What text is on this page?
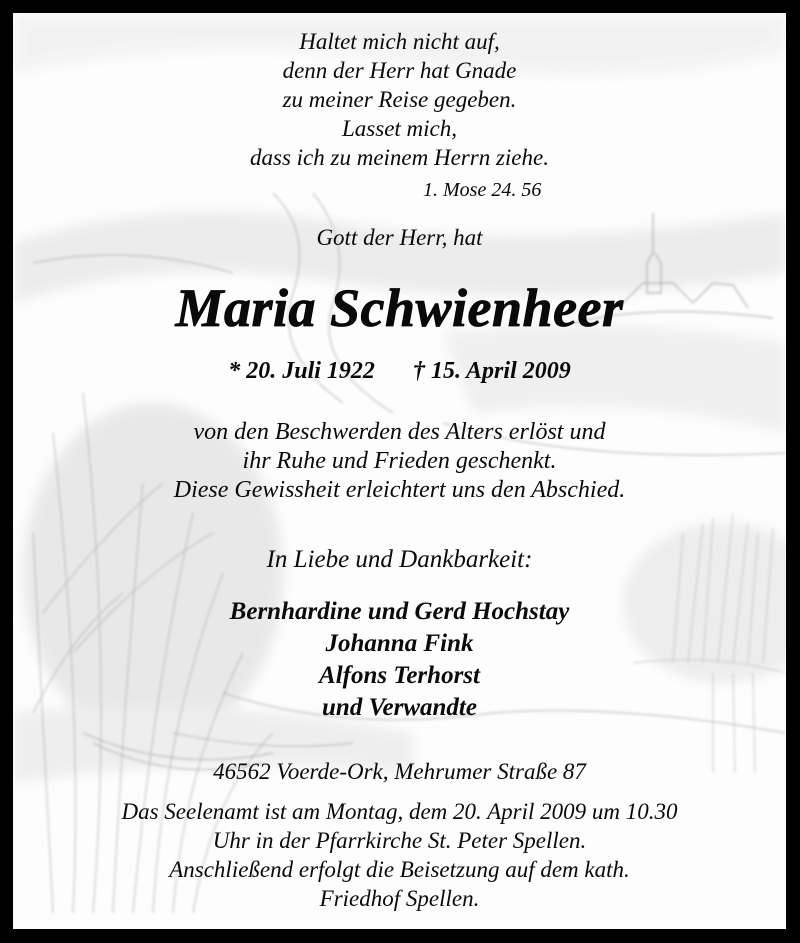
Haltet mich nicht auf,
denn der Herr hat Gnade
zu meiner Reise gegeben.
Lasset mich,
dass ich zu meinem Herrn ziehe.
1. Mose 24. 56
Gott der Herr, hat
Maria Schwienheer
* 20. Juli 1922 † 15. April 2009
von den Beschwerden des Alters erlöst und
ihr Ruhe und Frieden geschenkt.
Diese Gewissheit erleichtert uns den Abschied.
In Liebe und Dankbarkeit:
Bernhardine und Gerd Hochstay
Johanna Fink
Alfons Terhorst
und Verwandte
46562 Voerde-Ork, Mehrumer Straße 87
Das Seelenamt ist am Montag, dem 20. April 2009 um 10.30
Uhr in der Pfarrkirche St. Peter Spellen.
Anschließend erfolgt die Beisetzung auf dem kath.
Friedhof Spellen.
